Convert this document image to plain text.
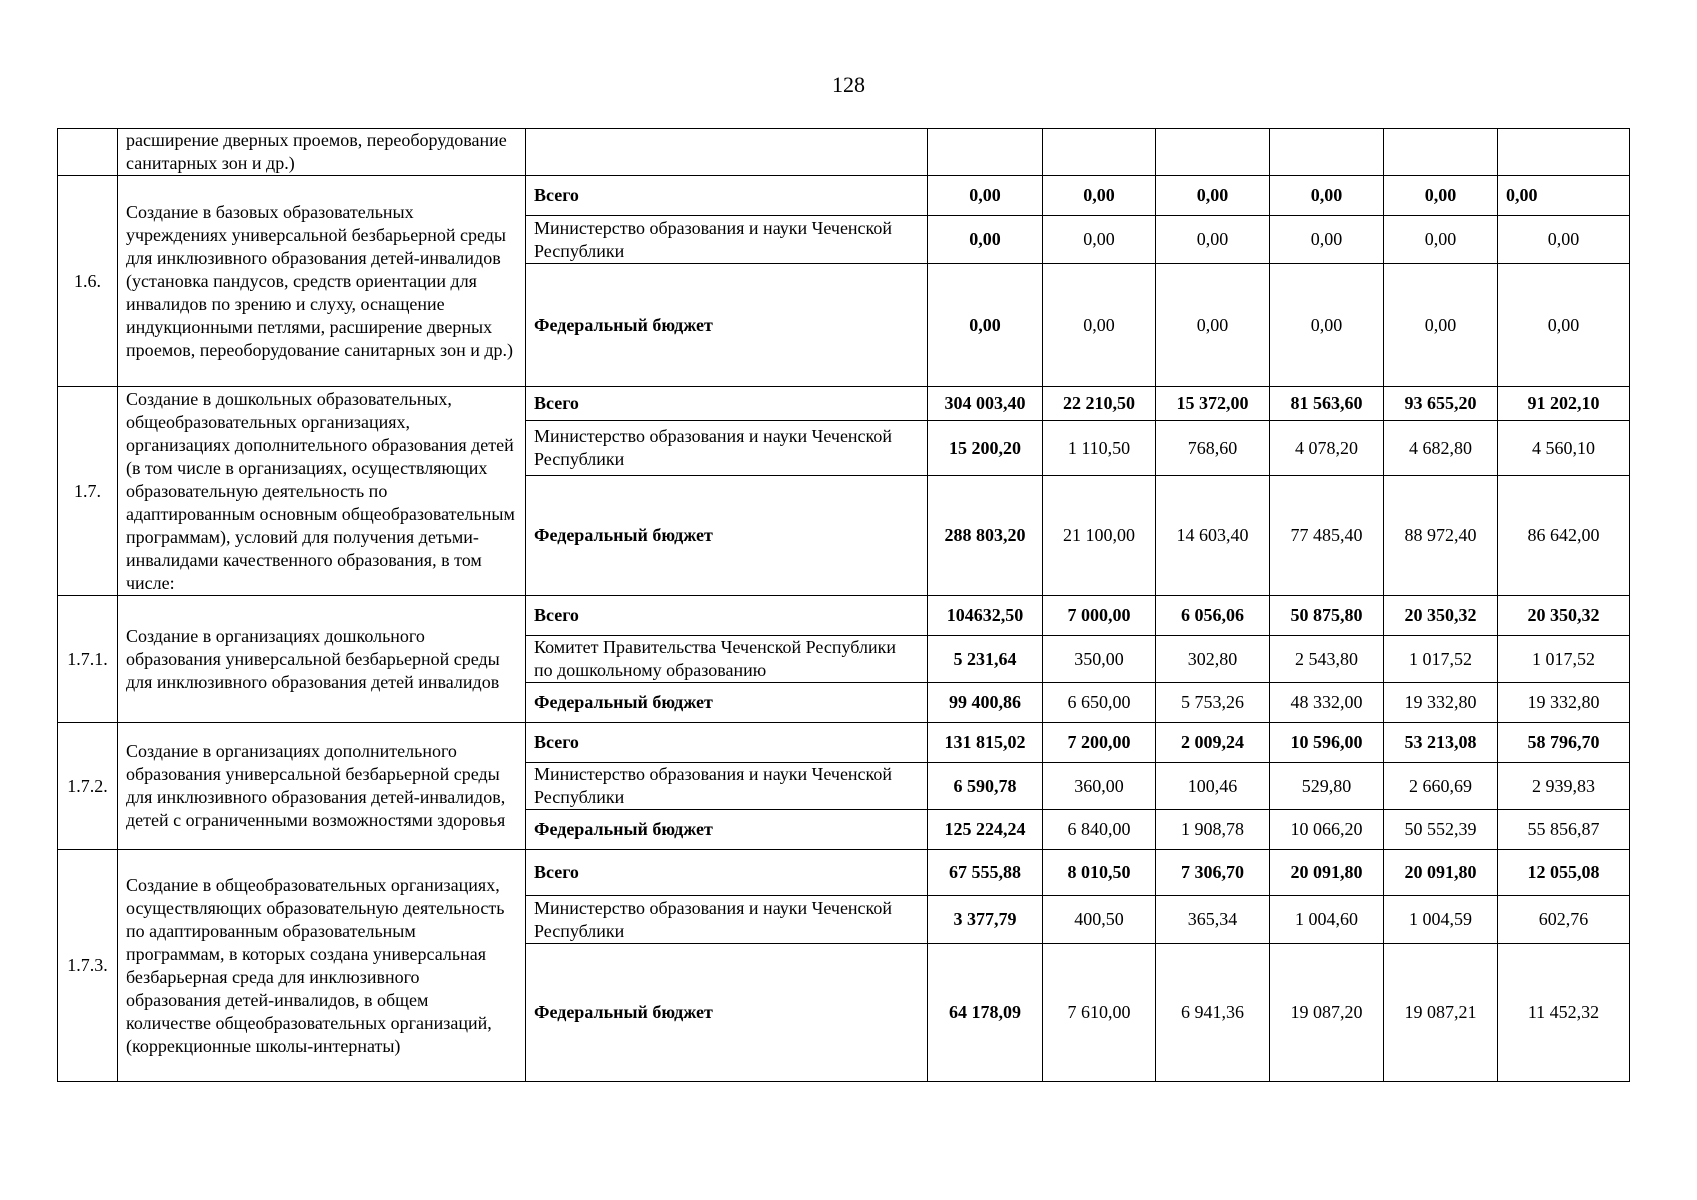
128
	расширение дверных проемов, переоборудование санитарных зон и др.)							
1.6.	Создание в базовых образовательных учреждениях универсальной безбарьерной среды для инклюзивного образования детей-инвалидов (установка пандусов, средств ориентации для инвалидов по зрению и слуху, оснащение индукционными петлями, расширение дверных проемов, переоборудование санитарных зон и др.)	Всего	0,00	0,00	0,00	0,00	0,00	0,00
		Министерство образования и науки Чеченской Республики	0,00	0,00	0,00	0,00	0,00	0,00
		Федеральный бюджет	0,00	0,00	0,00	0,00	0,00	0,00
1.7.	Создание в дошкольных образовательных, общеобразовательных организациях, организациях дополнительного образования детей (в том числе в организациях, осуществляющих образовательную деятельность по адаптированным основным общеобразовательным программам), условий для получения детьми-инвалидами качественного образования, в том числе:	Всего	304 003,40	22 210,50	15 372,00	81 563,60	93 655,20	91 202,10
		Министерство образования и науки Чеченской Республики	15 200,20	1 110,50	768,60	4 078,20	4 682,80	4 560,10
		Федеральный бюджет	288 803,20	21 100,00	14 603,40	77 485,40	88 972,40	86 642,00
1.7.1.	Создание в организациях дошкольного образования универсальной безбарьерной среды для инклюзивного образования детей инвалидов	Всего	104632,50	7 000,00	6 056,06	50 875,80	20 350,32	20 350,32
		Комитет Правительства Чеченской Республики по дошкольному образованию	5 231,64	350,00	302,80	2 543,80	1 017,52	1 017,52
		Федеральный бюджет	99 400,86	6 650,00	5 753,26	48 332,00	19 332,80	19 332,80
1.7.2.	Создание в организациях дополнительного образования универсальной безбарьерной среды для инклюзивного образования детей-инвалидов, детей с ограниченными возможностями здоровья	Всего	131 815,02	7 200,00	2 009,24	10 596,00	53 213,08	58 796,70
		Министерство образования и науки Чеченской Республики	6 590,78	360,00	100,46	529,80	2 660,69	2 939,83
		Федеральный бюджет	125 224,24	6 840,00	1 908,78	10 066,20	50 552,39	55 856,87
1.7.3.	Создание в общеобразовательных организациях, осуществляющих образовательную деятельность по адаптированным образовательным программам, в которых создана универсальная безбарьерная среда для инклюзивного образования детей-инвалидов, в общем количестве общеобразовательных организаций, (коррекционные школы-интернаты)	Всего	67 555,88	8 010,50	7 306,70	20 091,80	20 091,80	12 055,08
		Министерство образования и науки Чеченской Республики	3 377,79	400,50	365,34	1 004,60	1 004,59	602,76
		Федеральный бюджет	64 178,09	7 610,00	6 941,36	19 087,20	19 087,21	11 452,32
